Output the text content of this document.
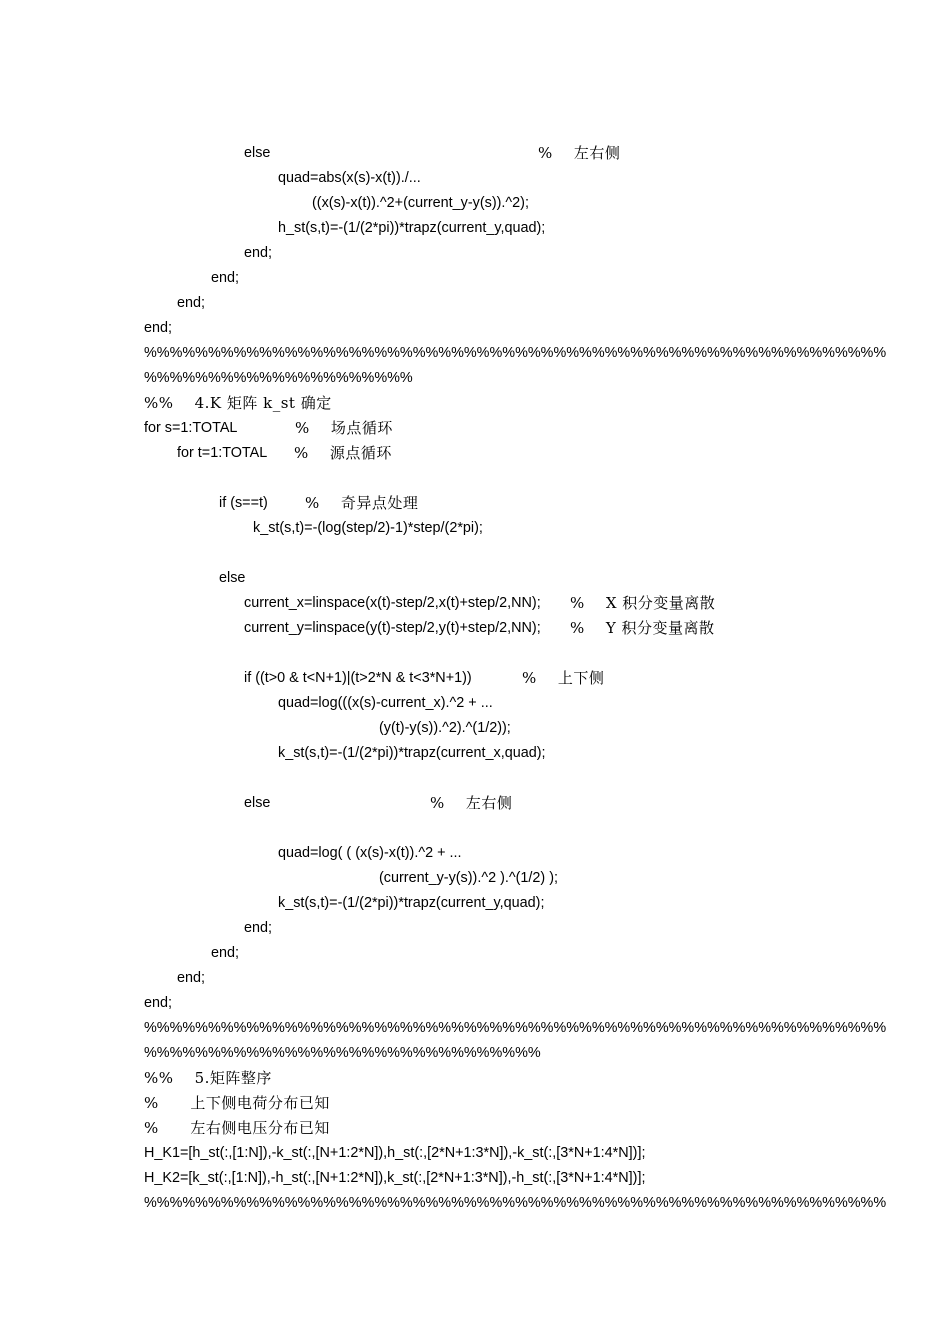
else	%    左右侧
quad=abs(x(s)-x(t))./...
((x(s)-x(t)).^2+(current_y-y(s)).^2);
h_st(s,t)=-(1/(2*pi))*trapz(current_y,quad);
end;
end;
end;
end;
%%%%%%%%%%%%%%%%%%%%%%%%%%%%%%%%%%%%%%%%%%%%%%%%%%%%%%%%%%
%%%%%%%%%%%%%%%%%%%%%
%%    4.K 矩阵 k_st 确定
for s=1:TOTAL	%    场点循环
for t=1:TOTAL %    源点循环
if (s==t) %    奇异点处理
k_st(s,t)=-(log(step/2)-1)*step/(2*pi);
else
current_x=linspace(x(t)-step/2,x(t)+step/2,NN); %    X 积分变量离散
current_y=linspace(y(t)-step/2,y(t)+step/2,NN); %    Y 积分变量离散
if ((t>0 & t<N+1)|(t>2*N & t<3*N+1))	%    上下侧
quad=log(((x(s)-current_x).^2 + ...
(y(t)-y(s)).^2).^(1/2));
k_st(s,t)=-(1/(2*pi))*trapz(current_x,quad);
else	%    左右侧
quad=log( ( (x(s)-x(t)).^2 + ...
(current_y-y(s)).^2 ).^(1/2) );
k_st(s,t)=-(1/(2*pi))*trapz(current_y,quad);
end;
end;
end;
end;
%%%%%%%%%%%%%%%%%%%%%%%%%%%%%%%%%%%%%%%%%%%%%%%%%%%%%%%%%%
%%%%%%%%%%%%%%%%%%%%%%%%%%%%%%%
%%    5.矩阵整序
%      上下侧电荷分布已知
%      左右侧电压分布已知
H_K1=[h_st(:,[1:N]),-k_st(:,[N+1:2*N]),h_st(:,[2*N+1:3*N]),-k_st(:,[3*N+1:4*N])];
H_K2=[k_st(:,[1:N]),-h_st(:,[N+1:2*N]),k_st(:,[2*N+1:3*N]),-h_st(:,[3*N+1:4*N])];
%%%%%%%%%%%%%%%%%%%%%%%%%%%%%%%%%%%%%%%%%%%%%%%%%%%%%%%%%%
